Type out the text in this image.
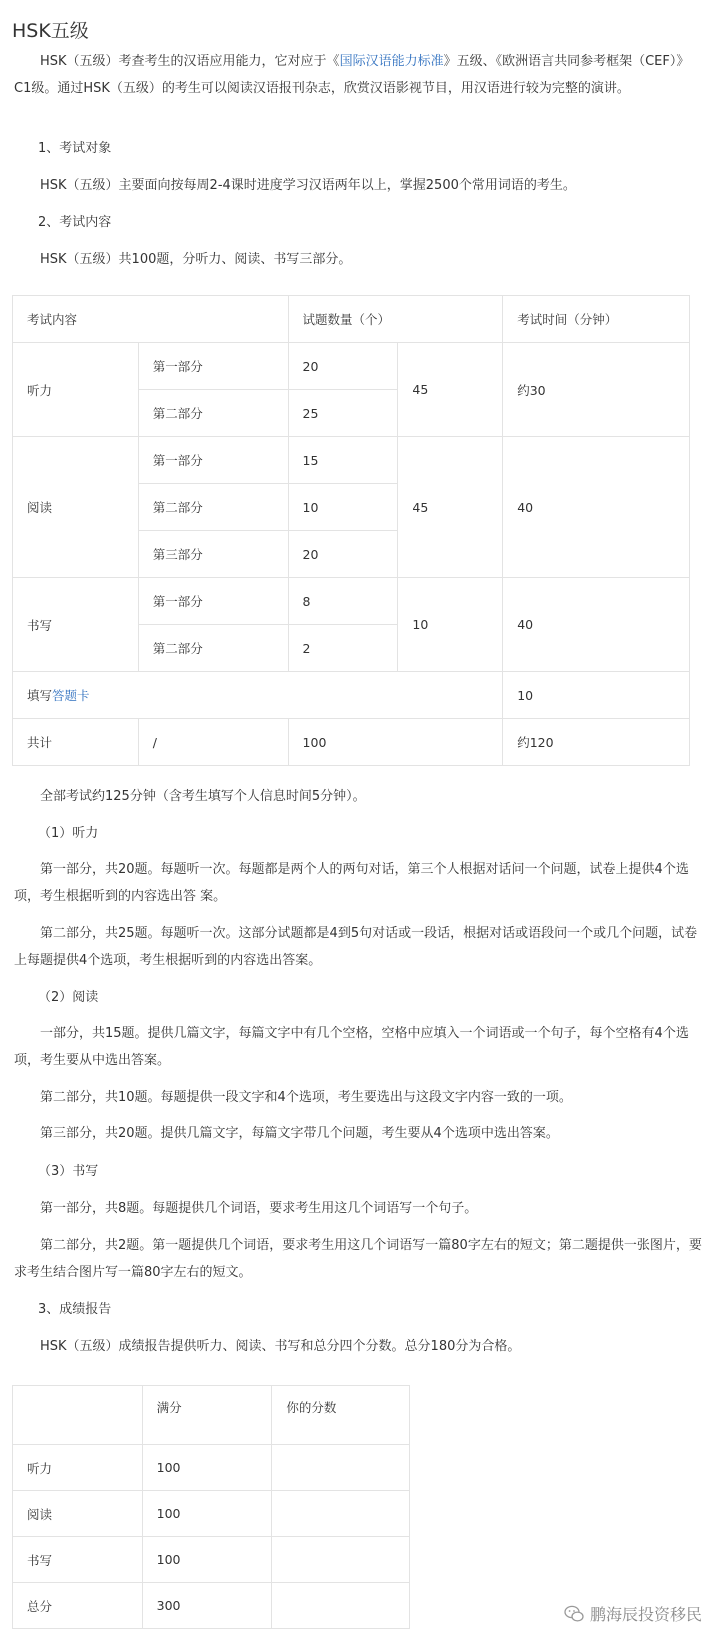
HSK五级

HSK（五级）考查考生的汉语应用能力，它对应于《国际汉语能力标准》五级、《欧洲语言共同参考框架（CEF）》C1级。通过HSK（五级）的考生可以阅读汉语报刊杂志，欣赏汉语影视节目，用汉语进行较为完整的演讲。

1、考试对象

HSK（五级）主要面向按每周2-4课时进度学习汉语两年以上，掌握2500个常用词语的考生。

2、考试内容

HSK（五级）共100题，分听力、阅读、书写三部分。

考试内容		试题数量（个）		考试时间（分钟）
听力	第一部分	20	45	约30
	第二部分	25		
阅读	第一部分	15	45	40
	第二部分	10		
	第三部分	20		
书写	第一部分	8	10	40
	第二部分	2		
填写答题卡				10
共计	/	100		约120

全部考试约125分钟（含考生填写个人信息时间5分钟）。

（1）听力

第一部分，共20题。每题听一次。每题都是两个人的两句对话，第三个人根据对话问一个问题，试卷上提供4个选项，考生根据听到的内容选出答 案。

第二部分，共25题。每题听一次。这部分试题都是4到5句对话或一段话，根据对话或语段问一个或几个问题，试卷上每题提供4个选项，考生根据听到的内容选出答案。

（2）阅读

一部分，共15题。提供几篇文字，每篇文字中有几个空格，空格中应填入一个词语或一个句子，每个空格有4个选项，考生要从中选出答案。

第二部分，共10题。每题提供一段文字和4个选项，考生要选出与这段文字内容一致的一项。

第三部分，共20题。提供几篇文字，每篇文字带几个问题，考生要从4个选项中选出答案。

（3）书写

第一部分，共8题。每题提供几个词语，要求考生用这几个词语写一个句子。

第二部分，共2题。第一题提供几个词语，要求考生用这几个词语写一篇80字左右的短文；第二题提供一张图片，要求考生结合图片写一篇80字左右的短文。

3、成绩报告

HSK（五级）成绩报告提供听力、阅读、书写和总分四个分数。总分180分为合格。

	满分	你的分数
听力	100	
阅读	100	
书写	100	
总分	300		鹏海辰投资移民
